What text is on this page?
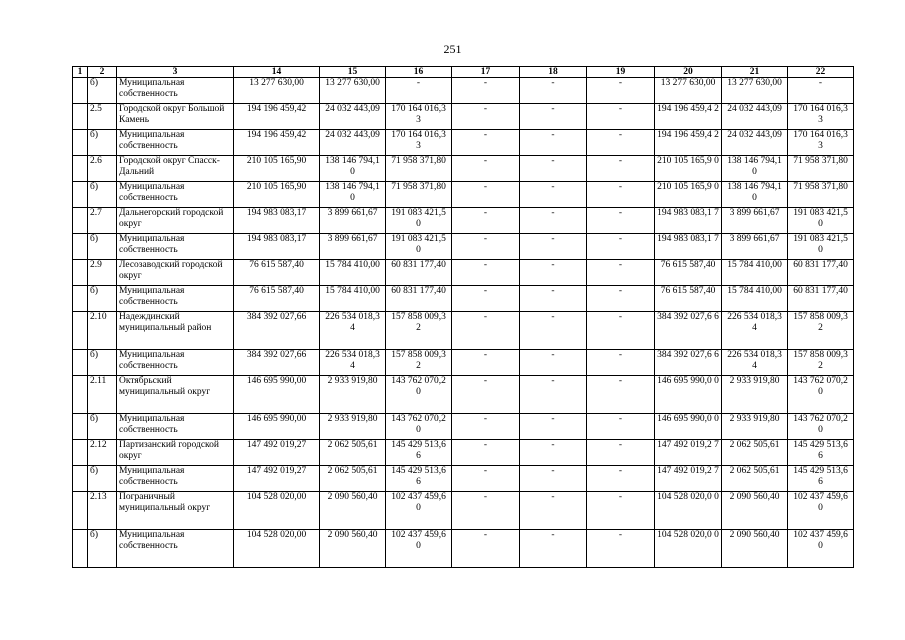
251
1	2	3	14	15	16	17	18	19	20	21	22
	б)	Муниципальная собственность	13 277 630,00	13 277 630,00	-	-	-	-	13 277 630,00	13 277 630,00	-
	2.5	Городской округ Большой Камень	194 196 459,42	24 032 443,09	170 164 016,3 3	-	-	-	194 196 459,4 2	24 032 443,09	170 164 016,3 3
	б)	Муниципальная собственность	194 196 459,42	24 032 443,09	170 164 016,3 3	-	-	-	194 196 459,4 2	24 032 443,09	170 164 016,3 3
	2.6	Городской округ Спасск-Дальний	210 105 165,90	138 146 794,1 0	71 958 371,80	-	-	-	210 105 165,9 0	138 146 794,1 0	71 958 371,80
	б)	Муниципальная собственность	210 105 165,90	138 146 794,1 0	71 958 371,80	-	-	-	210 105 165,9 0	138 146 794,1 0	71 958 371,80
	2.7	Дальнегорский городской округ	194 983 083,17	3 899 661,67	191 083 421,5 0	-	-	-	194 983 083,1 7	3 899 661,67	191 083 421,5 0
	б)	Муниципальная собственность	194 983 083,17	3 899 661,67	191 083 421,5 0	-	-	-	194 983 083,1 7	3 899 661,67	191 083 421,5 0
	2.9	Лесозаводский городской округ	76 615 587,40	15 784 410,00	60 831 177,40	-	-	-	76 615 587,40	15 784 410,00	60 831 177,40
	б)	Муниципальная собственность	76 615 587,40	15 784 410,00	60 831 177,40	-	-	-	76 615 587,40	15 784 410,00	60 831 177,40
	2.10	Надеждинский муниципальный район	384 392 027,66	226 534 018,3 4	157 858 009,3 2	-	-	-	384 392 027,6 6	226 534 018,3 4	157 858 009,3 2
	б)	Муниципальная собственность	384 392 027,66	226 534 018,3 4	157 858 009,3 2	-	-	-	384 392 027,6 6	226 534 018,3 4	157 858 009,3 2
	2.11	Октябрьский муниципальный округ	146 695 990,00	2 933 919,80	143 762 070,2 0	-	-	-	146 695 990,0 0	2 933 919,80	143 762 070,2 0
	б)	Муниципальная собственность	146 695 990,00	2 933 919,80	143 762 070,2 0	-	-	-	146 695 990,0 0	2 933 919,80	143 762 070,2 0
	2.12	Партизанский городской округ	147 492 019,27	2 062 505,61	145 429 513,6 6	-	-	-	147 492 019,2 7	2 062 505,61	145 429 513,6 6
	б)	Муниципальная собственность	147 492 019,27	2 062 505,61	145 429 513,6 6	-	-	-	147 492 019,2 7	2 062 505,61	145 429 513,6 6
	2.13	Пограничный муниципальный округ	104 528 020,00	2 090 560,40	102 437 459,6 0	-	-	-	104 528 020,0 0	2 090 560,40	102 437 459,6 0
	б)	Муниципальная собственность	104 528 020,00	2 090 560,40	102 437 459,6 0	-	-	-	104 528 020,0 0	2 090 560,40	102 437 459,6 0
